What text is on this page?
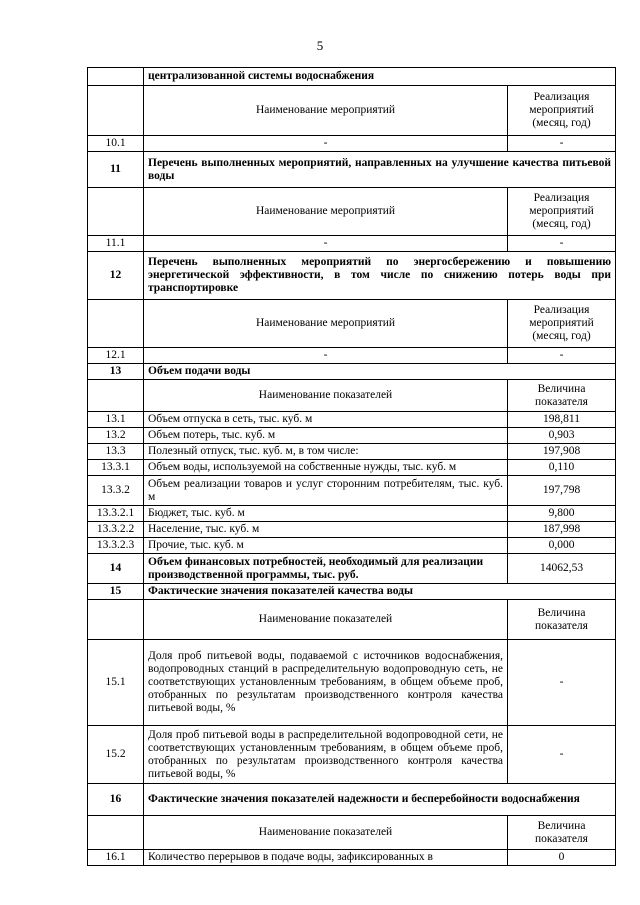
5
	централизованной системы водоснабжения	
	Наименование мероприятий	Реализация мероприятий (месяц, год)
10.1	-	-
11	Перечень выполненных мероприятий, направленных на улучшение качества питьевой воды	
	Наименование мероприятий	Реализация мероприятий (месяц, год)
11.1	-	-
12	Перечень выполненных мероприятий по энергосбережению и повышению энергетической эффективности, в том числе по снижению потерь воды при транспортировке	
	Наименование мероприятий	Реализация мероприятий (месяц, год)
12.1	-	-
13	Объем подачи воды	
	Наименование показателей	Величина показателя
13.1	Объем отпуска в сеть, тыс. куб. м	198,811
13.2	Объем потерь, тыс. куб. м	0,903
13.3	Полезный отпуск, тыс. куб. м, в том числе:	197,908
13.3.1	Объем воды, используемой на собственные нужды, тыс. куб. м	0,110
13.3.2	Объем реализации товаров и услуг сторонним потребителям, тыс. куб. м	197,798
13.3.2.1	Бюджет, тыс. куб. м	9,800
13.3.2.2	Население, тыс. куб. м	187,998
13.3.2.3	Прочие, тыс. куб. м	0,000
14	Объем финансовых потребностей, необходимый для реализации производственной программы, тыс. руб.	14062,53
15	Фактические значения показателей качества воды	
	Наименование показателей	Величина показателя
15.1	Доля проб питьевой воды, подаваемой с источников водоснабжения, водопроводных станций в распределительную водопроводную сеть, не соответствующих установленным требованиям, в общем объеме проб, отобранных по результатам производственного контроля качества питьевой воды, %	-
15.2	Доля проб питьевой воды в распределительной водопроводной сети, не соответствующих установленным требованиям, в общем объеме проб, отобранных по результатам производственного контроля качества питьевой воды, %	-
16	Фактические значения показателей надежности и бесперебойности водоснабжения	
	Наименование показателей	Величина показателя
16.1	Количество перерывов в подаче воды, зафиксированных в	0
